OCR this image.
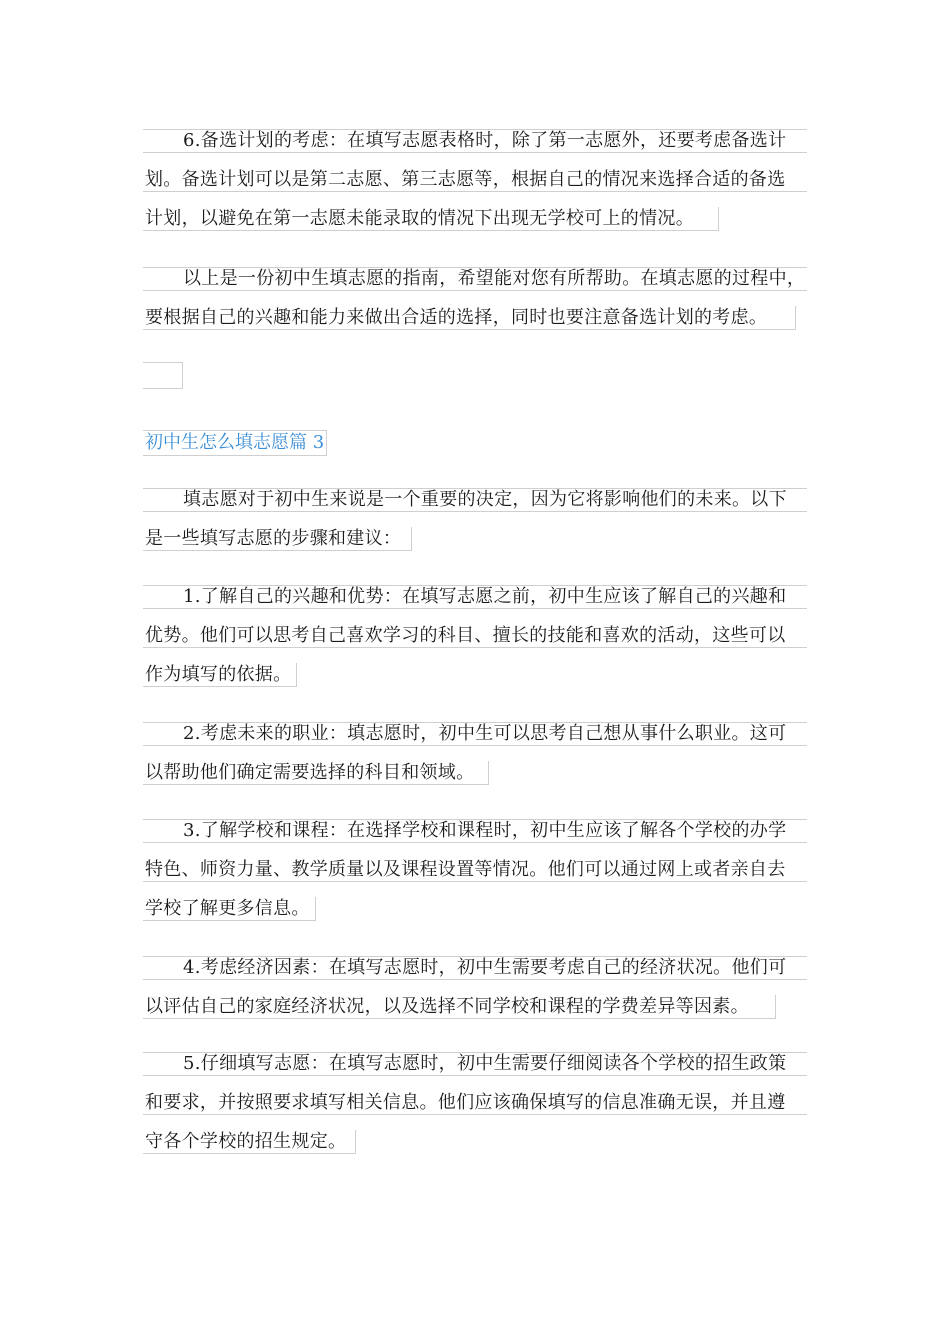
6.备选计划的考虑：在填写志愿表格时，除了第一志愿外，还要考虑备选计
划。备选计划可以是第二志愿、第三志愿等，根据自己的情况来选择合适的备选
计划，以避免在第一志愿未能录取的情况下出现无学校可上的情况。
以上是一份初中生填志愿的指南，希望能对您有所帮助。在填志愿的过程中，
要根据自己的兴趣和能力来做出合适的选择，同时也要注意备选计划的考虑。
初中生怎么填志愿篇 3
填志愿对于初中生来说是一个重要的决定，因为它将影响他们的未来。以下
是一些填写志愿的步骤和建议：
1.了解自己的兴趣和优势：在填写志愿之前，初中生应该了解自己的兴趣和
优势。他们可以思考自己喜欢学习的科目、擅长的技能和喜欢的活动，这些可以
作为填写的依据。
2.考虑未来的职业：填志愿时，初中生可以思考自己想从事什么职业。这可
以帮助他们确定需要选择的科目和领域。
3.了解学校和课程：在选择学校和课程时，初中生应该了解各个学校的办学
特色、师资力量、教学质量以及课程设置等情况。他们可以通过网上或者亲自去
学校了解更多信息。
4.考虑经济因素：在填写志愿时，初中生需要考虑自己的经济状况。他们可
以评估自己的家庭经济状况，以及选择不同学校和课程的学费差异等因素。
5.仔细填写志愿：在填写志愿时，初中生需要仔细阅读各个学校的招生政策
和要求，并按照要求填写相关信息。他们应该确保填写的信息准确无误，并且遵
守各个学校的招生规定。
